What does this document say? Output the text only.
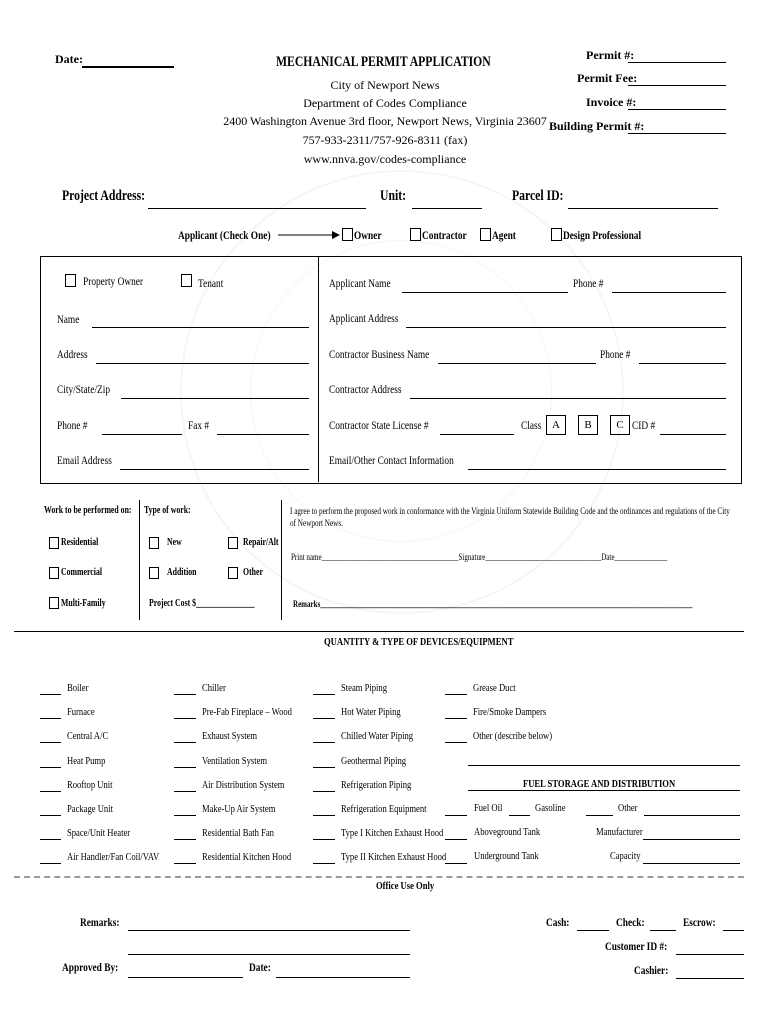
Date:	MECHANICAL PERMIT APPLICATION
City of Newport News
Department of Codes Compliance
2400 Washington Avenue 3rd floor, Newport News, Virginia 23607
757-933-2311/757-926-8311 (fax)
www.nnva.gov/codes-compliance
Permit #:
Permit Fee:
Invoice #:
Building Permit #:
Project Address:	Unit:	Parcel ID:
Applicant (Check One)	Owner	Contractor	Agent	Design Professional
Property Owner	Tenant
Name
Address
City/State/Zip
Phone #	Fax #
Email Address
Applicant Name	Phone #
Applicant Address
Contractor Business Name	Phone #
Contractor Address
Contractor State License #	Class A	B	C CID #
Email/Other Contact Information
Work to be performed on:
Residential
Commercial
Multi-Family
Type of work:
New	Repair/Alt
Addition	Other
Project Cost $_______________
I agree to perform the proposed work in conformance with the Virginia Uniform Statewide Building Code and the ordinances and regulations of the City of Newport News.
Print name_______________________________________Signature_________________________________Date_______________
Remarks__________________________________________________________________________________________________________
QUANTITY & TYPE OF DEVICES/EQUIPMENT
Boiler
Furnace
Central A/C
Heat Pump
Rooftop Unit
Package Unit
Space/Unit Heater
Air Handler/Fan Coil/VAV
Chiller
Pre-Fab Fireplace – Wood
Exhaust System
Ventilation System
Air Distribution System
Make-Up Air System
Residential Bath Fan
Residential Kitchen Hood
Steam Piping
Hot Water Piping
Chilled Water Piping
Geothermal Piping
Refrigeration Piping
Refrigeration Equipment
Type I Kitchen Exhaust Hood
Type II Kitchen Exhaust Hood
Grease Duct
Fire/Smoke Dampers
Other (describe below)
FUEL STORAGE AND DISTRIBUTION
Fuel Oil	Gasoline	Other
Aboveground Tank	Manufacturer
Underground Tank	Capacity
Office Use Only
Remarks:
Approved By:	Date:
Cash:	Check:	Escrow:
Customer ID #:
Cashier:
